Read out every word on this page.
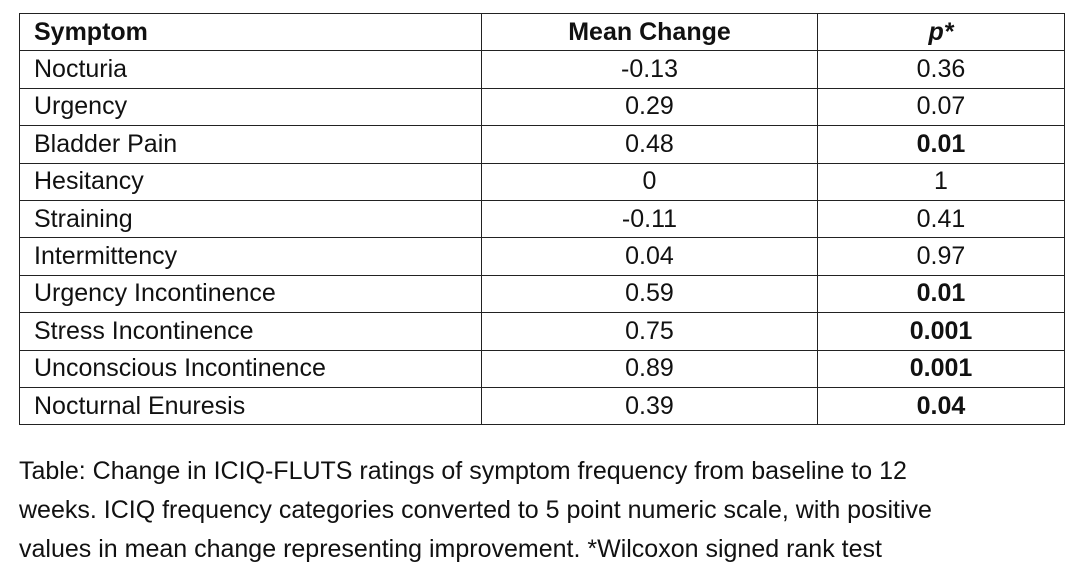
Symptom	Mean Change	p*
Nocturia	-0.13	0.36
Urgency	0.29	0.07
Bladder Pain	0.48	0.01
Hesitancy	0	1
Straining	-0.11	0.41
Intermittency	0.04	0.97
Urgency Incontinence	0.59	0.01
Stress Incontinence	0.75	0.001
Unconscious Incontinence	0.89	0.001
Nocturnal Enuresis	0.39	0.04

Table: Change in ICIQ-FLUTS ratings of symptom frequency from baseline to 12
weeks. ICIQ frequency categories converted to 5 point numeric scale, with positive
values in mean change representing improvement. *Wilcoxon signed rank test
